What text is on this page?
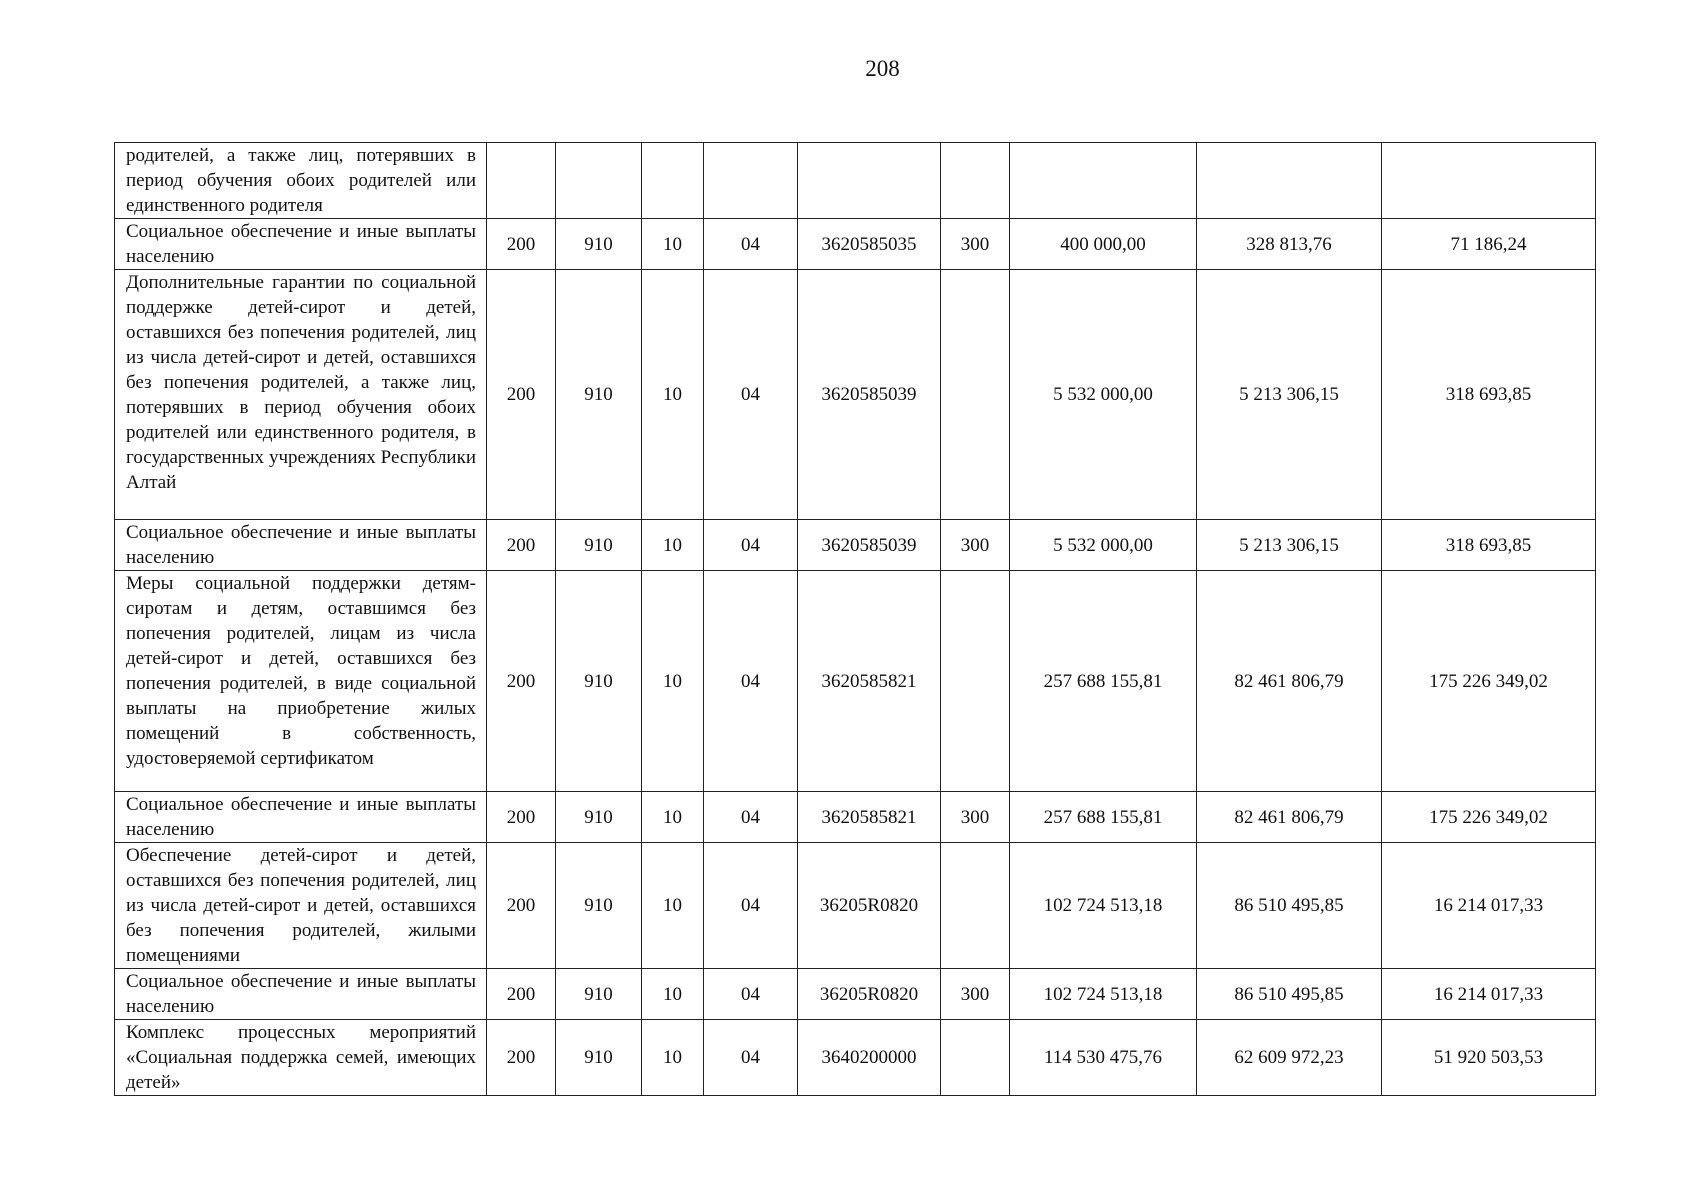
208
родителей, а также лиц, потерявших в период обучения обоих родителей или единственного родителя									
Социальное обеспечение и иные выплаты населению	200	910	10	04	3620585035	300	400 000,00	328 813,76	71 186,24
Дополнительные гарантии по социальной поддержке детей-сирот и детей, оставшихся без попечения родителей, лиц из числа детей-сирот и детей, оставшихся без попечения родителей, а также лиц, потерявших в период обучения обоих родителей или единственного родителя, в государственных учреждениях Республики Алтай	200	910	10	04	3620585039		5 532 000,00	5 213 306,15	318 693,85
Социальное обеспечение и иные выплаты населению	200	910	10	04	3620585039	300	5 532 000,00	5 213 306,15	318 693,85
Меры социальной поддержки детям-сиротам и детям, оставшимся без попечения родителей, лицам из числа детей-сирот и детей, оставшихся без попечения родителей, в виде социальной выплаты на приобретение жилых помещений в собственность, удостоверяемой сертификатом	200	910	10	04	3620585821		257 688 155,81	82 461 806,79	175 226 349,02
Социальное обеспечение и иные выплаты населению	200	910	10	04	3620585821	300	257 688 155,81	82 461 806,79	175 226 349,02
Обеспечение детей-сирот и детей, оставшихся без попечения родителей, лиц из числа детей-сирот и детей, оставшихся без попечения родителей, жилыми помещениями	200	910	10	04	36205R0820		102 724 513,18	86 510 495,85	16 214 017,33
Социальное обеспечение и иные выплаты населению	200	910	10	04	36205R0820	300	102 724 513,18	86 510 495,85	16 214 017,33
Комплекс процессных мероприятий «Социальная поддержка семей, имеющих детей»	200	910	10	04	3640200000		114 530 475,76	62 609 972,23	51 920 503,53
